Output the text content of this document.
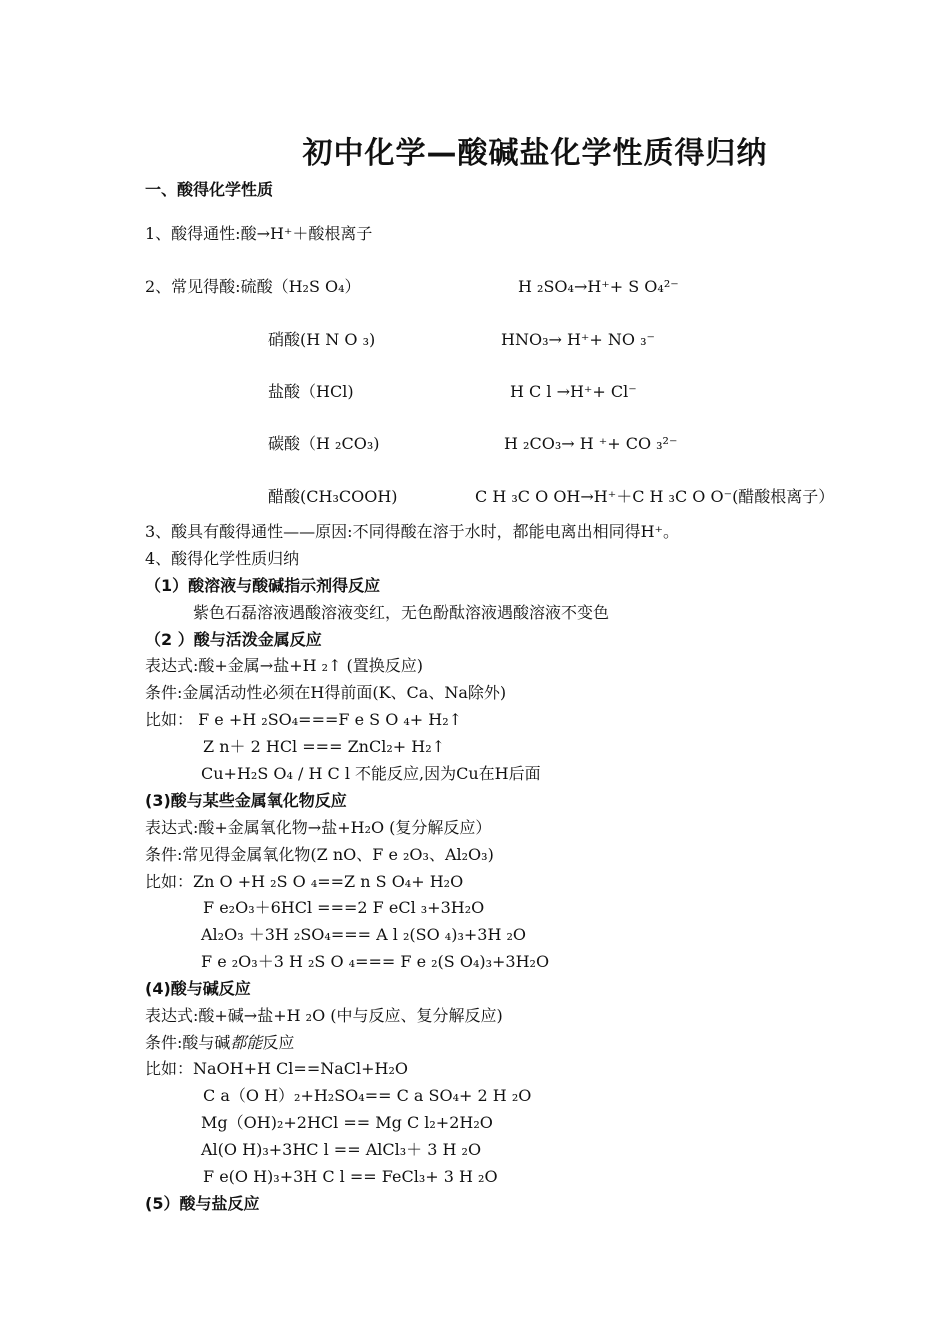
初中化学—酸碱盐化学性质得归纳
一、酸得化学性质
1、酸得通性:酸→H⁺＋酸根离子
2、常见得酸:硫酸（H₂S O₄）	H ₂SO₄→H⁺+ S O₄²⁻
硝酸(H N O ₃)	HNO₃→ H⁺+ NO ₃⁻
盐酸（HCl)	H C l →H⁺+ Cl⁻
碳酸（H ₂CO₃)	H ₂CO₃→ H ⁺+ CO ₃²⁻
醋酸(CH₃COOH)	C H ₃C O OH→H⁺＋C H ₃C O O⁻(醋酸根离子）
3、酸具有酸得通性——原因:不同得酸在溶于水时，都能电离出相同得H⁺。
4、酸得化学性质归纳
（1）酸溶液与酸碱指示剂得反应
紫色石磊溶液遇酸溶液变红，无色酚酞溶液遇酸溶液不变色
（2 ）酸与活泼金属反应
表达式:酸+金属→盐+H ₂↑ (置换反应)
条件:金属活动性必须在H得前面(K、Ca、Na除外)
比如： F e +H ₂SO₄===F e S O ₄+ H₂↑
Z n＋ 2 HCl === ZnCl₂+ H₂↑
Cu+H₂S O₄ / H C l 不能反应,因为Cu在H后面
(3)酸与某些金属氧化物反应
表达式:酸+金属氧化物→盐+H₂O (复分解反应）
条件:常见得金属氧化物(Z nO、F e ₂O₃、Al₂O₃)
比如：Zn O +H ₂S O ₄==Z n S O₄+ H₂O
F e₂O₃＋6HCl ===2 F eCl ₃+3H₂O
Al₂O₃ ＋3H ₂SO₄=== A l ₂(SO ₄)₃+3H ₂O
F e ₂O₃＋3 H ₂S O ₄=== F e ₂(S O₄)₃+3H₂O
(4)酸与碱反应
表达式:酸+碱→盐+H ₂O (中与反应、复分解反应)
条件:酸与碱都能反应
比如：NaOH+H Cl==NaCl+H₂O
C a（O H）₂+H₂SO₄== C a SO₄+ 2 H ₂O
Mg（OH)₂+2HCl == Mg C l₂+2H₂O
Al(O H)₃+3HC l == AlCl₃＋ 3 H ₂O
F e(O H)₃+3H C l == FeCl₃+ 3 H ₂O
(5）酸与盐反应
